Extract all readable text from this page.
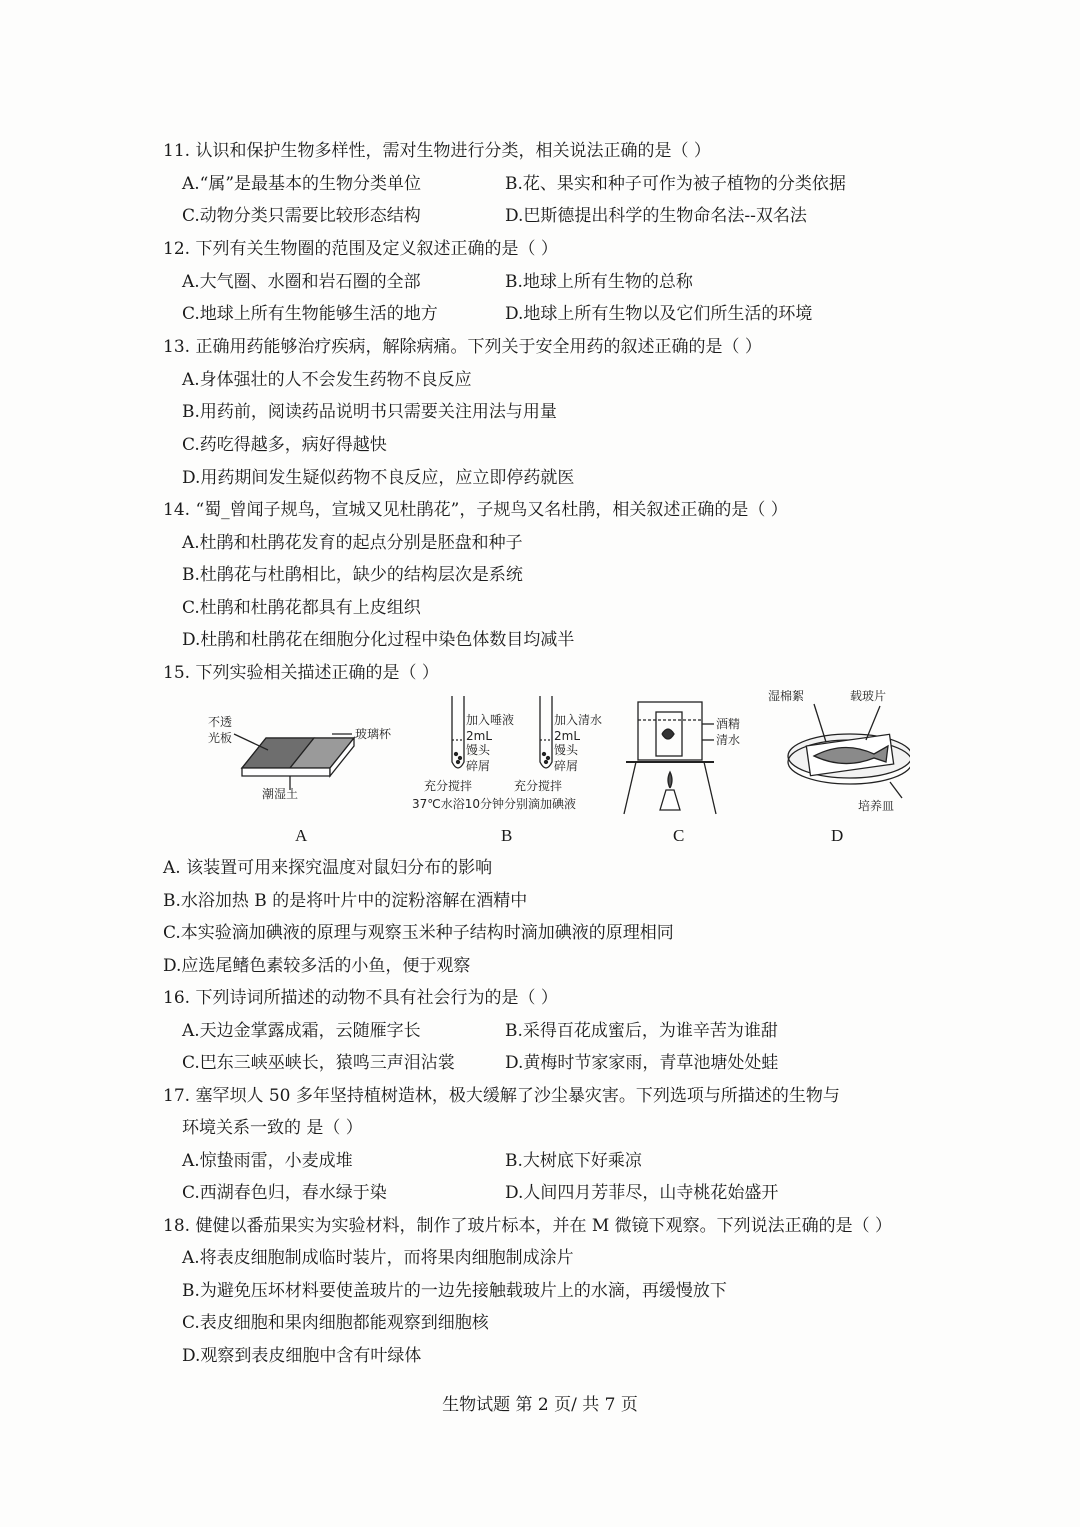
11. 认识和保护生物多样性，需对生物进行分类，相关说法正确的是（ ）
A.“属”是最基本的生物分类单位	B.花、果实和种子可作为被子植物的分类依据
C.动物分类只需要比较形态结构	D.巴斯德提出科学的生物命名法--双名法
12. 下列有关生物圈的范围及定义叙述正确的是（ ）
A.大气圈、水圈和岩石圈的全部	B.地球上所有生物的总称
C.地球上所有生物能够生活的地方	D.地球上所有生物以及它们所生活的环境
13. 正确用药能够治疗疾病，解除病痛。下列关于安全用药的叙述正确的是（ ）
A.身体强壮的人不会发生药物不良反应
B.用药前，阅读药品说明书只需要关注用法与用量
C.药吃得越多，病好得越快
D.用药期间发生疑似药物不良反应，应立即停药就医
14. “蜀_曾闻子规鸟，宣城又见杜鹃花”，子规鸟又名杜鹃，相关叙述正确的是（ ）
A.杜鹃和杜鹃花发育的起点分别是胚盘和种子
B.杜鹃花与杜鹃相比，缺少的结构层次是系统
C.杜鹃和杜鹃花都具有上皮组织
D.杜鹃和杜鹃花在细胞分化过程中染色体数目均减半
15. 下列实验相关描述正确的是（ ）
不透
光板	玻璃杯
潮湿土
加入唾液
2mL
馒头
碎屑
加入清水
2mL
馒头
碎屑
充分搅拌	充分搅拌
37℃水浴10分钟分别滴加碘液
酒精
清水
湿棉絮	载玻片
培养皿
A	B	C	D
A. 该装置可用来探究温度对鼠妇分布的影响
B.水浴加热 B 的是将叶片中的淀粉溶解在酒精中
C.本实验滴加碘液的原理与观察玉米种子结构时滴加碘液的原理相同
D.应选尾鳍色素较多活的小鱼，便于观察
16. 下列诗词所描述的动物不具有社会行为的是（ ）
A.天边金掌露成霜，云随雁字长	B.采得百花成蜜后，为谁辛苦为谁甜
C.巴东三峡巫峡长，猿鸣三声泪沾裳	D.黄梅时节家家雨，青草池塘处处蛙
17. 塞罕坝人 50 多年坚持植树造林，极大缓解了沙尘暴灾害。下列选项与所描述的生物与
环境关系一致的 是（ ）
A.惊蛰雨雷，小麦成堆	B.大树底下好乘凉
C.西湖春色归，春水绿于染	D.人间四月芳菲尽，山寺桃花始盛开
18. 健健以番茄果实为实验材料，制作了玻片标本，并在 M 微镜下观察。下列说法正确的是（ ）
A.将表皮细胞制成临时装片，而将果肉细胞制成涂片
B.为避免压坏材料要使盖玻片的一边先接触载玻片上的水滴，再缓慢放下
C.表皮细胞和果肉细胞都能观察到细胞核
D.观察到表皮细胞中含有叶绿体
生物试题 第 2 页/ 共 7 页
